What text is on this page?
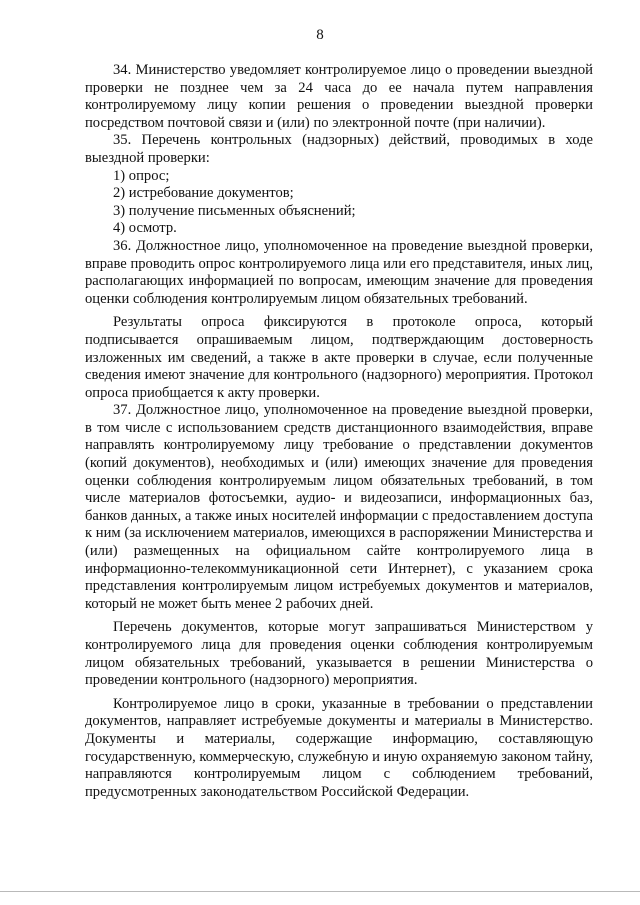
8

34. Министерство уведомляет контролируемое лицо о проведении выездной проверки не позднее чем за 24 часа до ее начала путем направления контролируемому лицу копии решения о проведении выездной проверки посредством почтовой связи и (или) по электронной почте (при наличии).

35. Перечень контрольных (надзорных) действий, проводимых в ходе выездной проверки:

1) опрос;

2) истребование документов;

3) получение письменных объяснений;

4) осмотр.

36. Должностное лицо, уполномоченное на проведение выездной проверки, вправе проводить опрос контролируемого лица или его представителя, иных лиц, располагающих информацией по вопросам, имеющим значение для проведения оценки соблюдения контролируемым лицом обязательных требований.

Результаты опроса фиксируются в протоколе опроса, который подписывается опрашиваемым лицом, подтверждающим достоверность изложенных им сведений, а также в акте проверки в случае, если полученные сведения имеют значение для контрольного (надзорного) мероприятия. Протокол опроса приобщается к акту проверки.

37. Должностное лицо, уполномоченное на проведение выездной проверки, в том числе с использованием средств дистанционного взаимодействия, вправе направлять контролируемому лицу требование о представлении документов (копий документов), необходимых и (или) имеющих значение для проведения оценки соблюдения контролируемым лицом обязательных требований, в том числе материалов фотосъемки, аудио- и видеозаписи, информационных баз, банков данных, а также иных носителей информации с предоставлением доступа к ним (за исключением материалов, имеющихся в распоряжении Министерства и (или) размещенных на официальном сайте контролируемого лица в информационно-телекоммуникационной сети Интернет), с указанием срока представления контролируемым лицом истребуемых документов и материалов, который не может быть менее 2 рабочих дней.

Перечень документов, которые могут запрашиваться Министерством у контролируемого лица для проведения оценки соблюдения контролируемым лицом обязательных требований, указывается в решении Министерства о проведении контрольного (надзорного) мероприятия.

Контролируемое лицо в сроки, указанные в требовании о представлении документов, направляет истребуемые документы и материалы в Министерство. Документы и материалы, содержащие информацию, составляющую государственную, коммерческую, служебную и иную охраняемую законом тайну, направляются контролируемым лицом с соблюдением требований, предусмотренных законодательством Российской Федерации.
